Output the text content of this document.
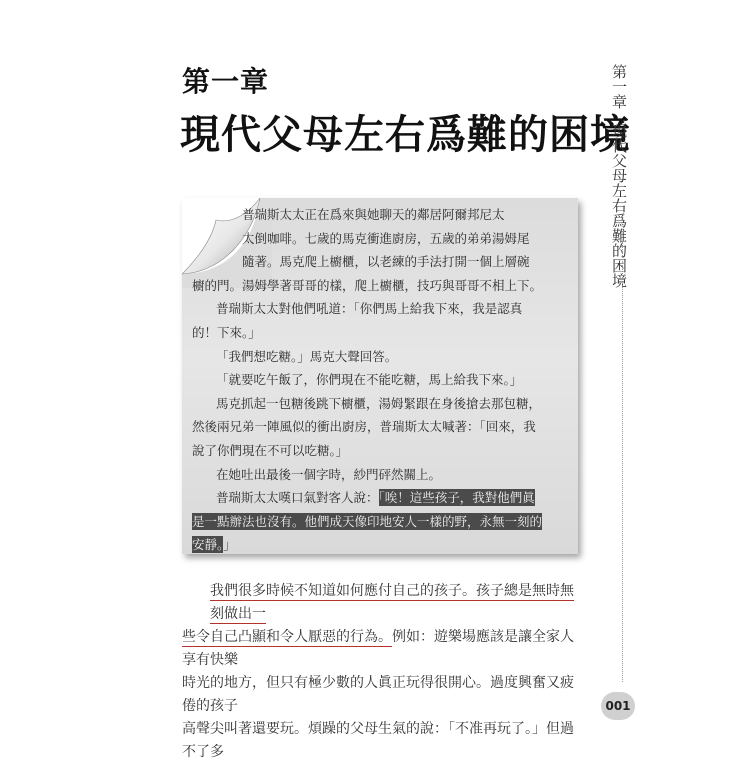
第一章
現代父母左右爲難的困境
第一章現代父母左右爲難的困境

普瑞斯太太正在爲來與她聊天的鄰居阿爾邦尼太

太倒咖啡。七歲的馬克衝進廚房，五歲的弟弟湯姆尾

隨著。馬克爬上櫥櫃，以老練的手法打開一個上層碗

櫥的門。湯姆學著哥哥的樣，爬上櫥櫃，技巧與哥哥不相上下。

普瑞斯太太對他們吼道：「你們馬上給我下來，我是認真

的！下來。」

「我們想吃糖。」馬克大聲回答。

「就要吃午飯了，你們現在不能吃糖，馬上給我下來。」

馬克抓起一包糖後跳下櫥櫃，湯姆緊跟在身後搶去那包糖，

然後兩兄弟一陣風似的衝出廚房，普瑞斯太太喊著：「回來，我

說了你們現在不可以吃糖。」

在她吐出最後一個字時，紗門砰然關上。

普瑞斯太太嘆口氣對客人說：「唉！這些孩子，我對他們眞

是一點辦法也沒有。他們成天像印地安人一樣的野，永無一刻的

安靜。」

我們很多時候不知道如何應付自己的孩子。孩子總是無時無刻做出一

些令自己凸顯和令人厭惡的行為。例如：遊樂場應該是讓全家人享有快樂

時光的地方，但只有極少數的人眞正玩得很開心。過度興奮又疲倦的孩子

高聲尖叫著還要玩。煩躁的父母生氣的說：「不准再玩了。」但過不了多

001
